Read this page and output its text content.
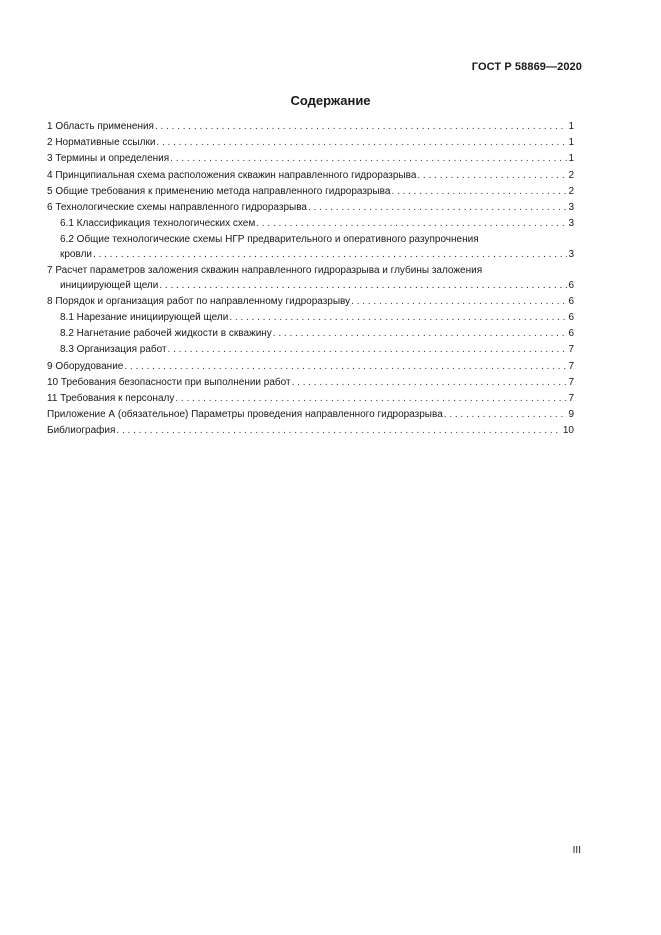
ГОСТ Р 58869—2020
Содержание
1 Область применения . . .	1
2 Нормативные ссылки . . .	1
3 Термины и определения . . .	1
4 Принципиальная схема расположения скважин направленного гидроразрыва . . .	2
5 Общие требования к применению метода направленного гидроразрыва . . .	2
6 Технологические схемы направленного гидроразрыва . . .	3
6.1 Классификация технологических схем . . .	3
6.2 Общие технологические схемы НГР предварительного и оперативного разупрочнения
кровли . . .	3
7 Расчет параметров заложения скважин направленного гидроразрыва и глубины заложения
инициирующей щели . . .	6
8 Порядок и организация работ по направленному гидроразрыву . . .	6
8.1 Нарезание инициирующей щели . . .	6
8.2 Нагнетание рабочей жидкости в скважину . . .	6
8.3 Организация работ . . .	7
9 Оборудование . . .	7
10 Требования безопасности при выполнении работ . . .	7
11 Требования к персоналу . . .	7
Приложение А (обязательное) Параметры проведения направленного гидроразрыва . . .	9
Библиография . . .	10
III
